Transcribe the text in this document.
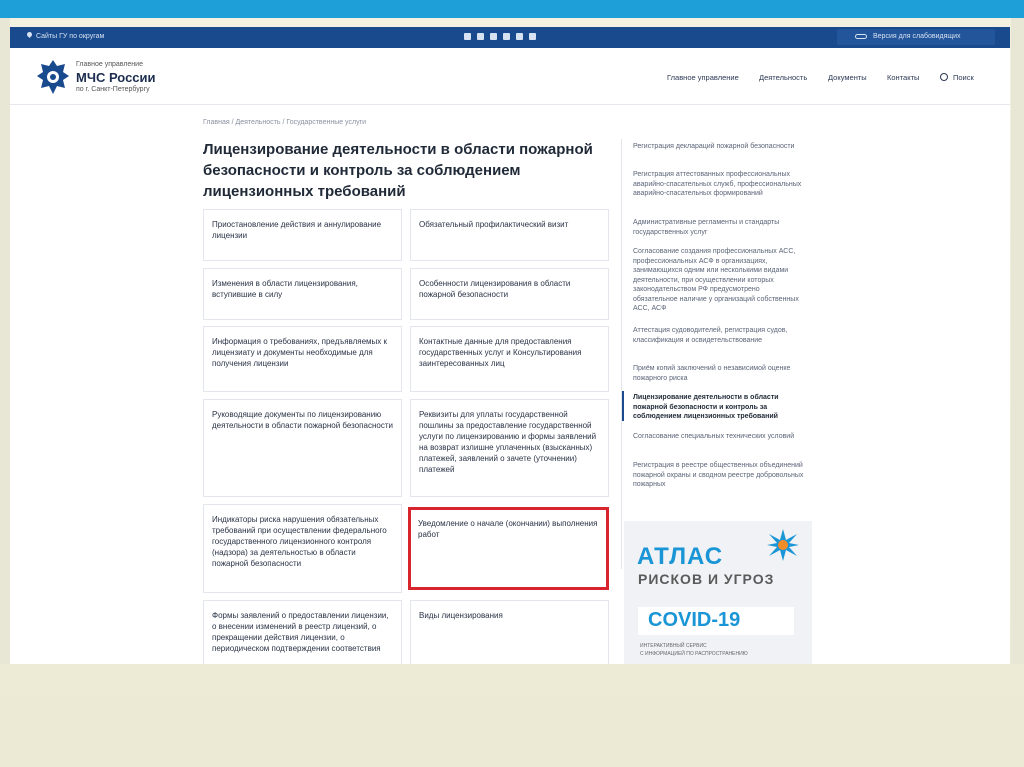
Сайты ГУ по округам	Версия для слабовидящих
Главное управление
МЧС России
по г. Санкт-Петербургу
Главное управление	Деятельность	Документы	Контакты	Поиск
Главная / Деятельность / Государственные услуги
Лицензирование деятельности в области пожарной безопасности и контроль за соблюдением лицензионных требований
Приостановление действия и аннулирование лицензии
Обязательный профилактический визит
Изменения в области лицензирования, вступившие в силу
Особенности лицензирования в области пожарной безопасности
Информация о требованиях, предъявляемых к лицензиату и документы необходимые для получения лицензии
Контактные данные для предоставления государственных услуг и Консультирования заинтересованных лиц
Руководящие документы по лицензированию деятельности в области пожарной безопасности
Реквизиты для уплаты государственной пошлины за предоставление государственной услуги по лицензированию и формы заявлений на возврат излишне уплаченных (взысканных) платежей, заявлений о зачете (уточнении) платежей
Индикаторы риска нарушения обязательных требований при осуществлении федерального государственного лицензионного контроля (надзора) за деятельностью в области пожарной безопасности
Уведомление о начале (окончании) выполнения работ
Формы заявлений о предоставлении лицензии, о внесении изменений в реестр лицензий, о прекращении действия лицензии, о периодическом подтверждении соответствия
Виды лицензирования
Регистрация деклараций пожарной безопасности
Регистрация аттестованных профессиональных аварийно-спасательных служб, профессиональных аварийно-спасательных формирований
Административные регламенты и стандарты государственных услуг
Согласование создания профессиональных АСС, профессиональных АСФ в организациях, занимающихся одним или несколькими видами деятельности, при осуществлении которых законодательством РФ предусмотрено обязательное наличие у организаций собственных АСС, АСФ
Аттестация судоводителей, регистрация судов, классификация и освидетельствование
Приём копий заключений о независимой оценке пожарного риска
Лицензирование деятельности в области пожарной безопасности и контроль за соблюдением лицензионных требований
Согласование специальных технических условий
Регистрация в реестре общественных объединений пожарной охраны и сводном реестре добровольных пожарных
АТЛАС
РИСКОВ И УГРОЗ
COVID-19
ИНТЕРАКТИВНЫЙ СЕРВИС
С ИНФОРМАЦИЕЙ ПО РАСПРОСТРАНЕНИЮ
